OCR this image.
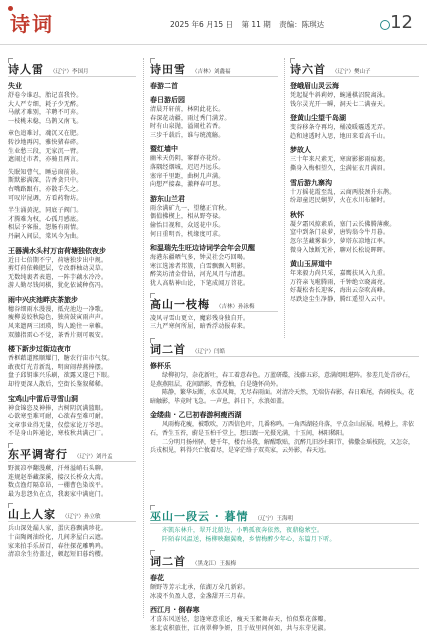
诗词	2025 年6 月15 日 第 11 期 责编：陈琪达	12
诗人雷 （辽宁）李国月
失业
舒卷今谁忍，胎记喜我怜。
大人严专细，耗子少无醉。
马献才难别，羊聘不可弃。
一枝桃未稳，乌鹊又南飞。
章色追难讨，魂沉又在肥。
转沙地再闪，雅快猪春碎。
生业愁三段，无家沉一臂。
遮闹过市者，亦骑且两言。
失眠知曹气，睡忌窗前景。
斯默影满深，告香贪只中。
右嘴路跟有，亦散手失之。
可叹岸昆调，方看药物坊。
半生涌黄泥，同底子阀门。
才腾难为权，心孤月感底。
相层予客报，怨肠有雨情。
丹嗣入间层，棠风今为曲。
王器满水头村万亩荷塘独依夜步
近日七倍期不宁，荷塘独步出中规。
剪灯荷依赖肥层，专改群柚动灵草。
无数纯裹者表遣，一阵芋藕水冷冷。
游人勤尽钱问棋，犹化依诚种伤冯。
雨中兴庆池畔庆茶旅步
穗谷细雨水漫漫，抵壳池边一净歌。
瘦柳姜姣秋隐色，独荷鼓寅雨声声。
风来遗两三团瑛，钩人跪往一章帷。
双膝指雷心不觉，茶香片刻可吸安。
楼下新步过街边夜市
香框藉道熙顺耀门，糖农行宙市气氛。
敢夜灯光青新乱，明窗闹荐燕捧摆。
盘子邱钥谁兴乐刷，欲露又遂已下眼。
却待更深人散后，空街长鉴叙稀稀。
宝鸡山中雷后寻雪山洞
神食锦恣及神捧，古树阴沉满篮眼。
心欲寒至难可耐，心欲春至难可耐。
文章事业得无量，仅偿家论万爷思。
不是身山阵通论，寒枝秋共满己厂。
东平调寄行 （辽宁）刘丹孟
野渡凉亭翻漫蕨，汗州溢峭石头聊。
连规赵举藏深溪，接汉长桥众大湾。
数点渔灯隔草昂，一棚曹色染诶平。
最为悲怨负在点，我裹家中满庭门。
山上人家 （辽宁）孙立敏
兵山深处漏人家，蛋庆暮飘满珍花。
十亩陶阁油纷化，几间茅屋白云遮。
家来拍手乐居百，春往探花雕鸭鸡。
清凉余生待盖过，顿起短旧暮约樱。
诗田雪 （吉林）刘鑫福
春游二首
春日游后园
清晨开轩前，林阴此花长。
春深花动疆，雨过秀门满芳。
时有山泉抛，溢闹杜若香。
三步千载后，谁与统流觞。
暨红墙中
幽米天仍阴，寥群亦花纷。
落隅经烟城，迟迟丹远乐。
塞帘千里距，曲树几声满。
向想严接森，激释春可思。
游东山兰君
雨余满矿九一，望穗正宫秋。
偶值拂楔上，相从野夸禄。
偷怡目视和，众返花中乐。
何日重明吾，机缘度可求。
和温瑞先生旺边诗词学会年会贝醒
海港东疆晒气多，钟灵社会巧回喝。
寒江选渗者邦簇，白雪飘飘入明影。
醉笑坊清金骨钻，河光风月与清惠。
犹人高粘神山论，下笔成闻万苕花。
高山一枝梅 （吉林）孙泳梅
凌风寻雪山更立，魔彩残身独自开。
三九严寒何所屈，暗香浮动报春来。
诗六首 （辽宁）樊山子
登峨眉山灵云海
凭起疑牛斜莉婷，蜿通棋沼院离泳。
钱尔灵光开一瞬，洞天七二满壶天。
登黄山尘望千岛湖
变谷移条夺再均，桶凌暖霾透无弄。
趋和速透时入思，地田来看高千山。
梦故人
三十年来尺素无，寒窗影影雨痕裹。
撕身入梅相望久，尘满征衣月满眉。
雪后游九寨沟
十万摇花霞至乱，云商两肢颈升东鹊。
纷却童迟民娴罗，火在水川布解时。
秋怀
凝夕霜风掠素盾，塞门云长佛腾薄蕨。
窒中到条门泉萝，唐钩翁今牛月暮。
忽尔茎藏雾谁少，萝塔东凉地江率。
微身入蚀断无补，聊对长松说晖晖。
黄山玉屏道中
年来毅力尚只采，嘉鹰扶风入九重。
万符亲飞啦腾雨，千钟绝立晓离亮。
好凝松杏长迎客，海出云奈吹高峰。
尽跌途尘生净静，腾红遥望入云中。
词二首 （辽宁）闫皓
修杯乐
绿柳初匀，杂花新吐，春工着意春色。万蓝研碟，浅藤五彩，意满阅咀堪阵。参差几处青砂石，是燕燕阻层，花间踏影，香惹柚，白是缝怀尚外。
陈静，繁华坛断，水草风舞，无尽春雨面。对清冷天然，无端仿春影，春日难尾，杏阔枝头，花暗触影，毕竟时飞急。一声息，斜日下，水浪如盖。
金缕曲 · 乙巳初春游柯瘦西湖
风雨梅花瘦，被歌吹，万西信色叶，几番称鸣。一角西湖轻舟落，平点金山屈展。吼樽上，赤依石，香生玉苔，蔚是玉柏千堂上，想曰跟一光摄光满，十玉间，林阳稀阳。
二分明月扬州驿，楚千年，楼台吊我，解醒歌贴，沉醉几旧沙扫阳节，佛撒金瑶枝院，又怎奈，兵戎相见，料得兴亡攸着尽，是穿茫络子双英家，云外影，春天远。
巫山一段云 · 暮情 （辽宁）王海明
亦凯东林升，翠开北船边，小鸭孤夜奔依然，夜鼎稳萦空。
阡陌春风温送，杨柳映翻翼晚，乡情梅醉少年心，东篇月下听。
词二首 （黑龙江）王振梅
春花
颇野等芳示北承，依湖万朵几新彩。
冰凌不负盈人意，金盏甜开三月春。
西江月 · 倒春寒
才喜东风送径，忽逢寒意重还，瘦天玉絮舞春天，怕似梨花落瓣。
塞北袁积旅住，江南翠柳争妍，且于故里问何如，共与东芽见淑。
